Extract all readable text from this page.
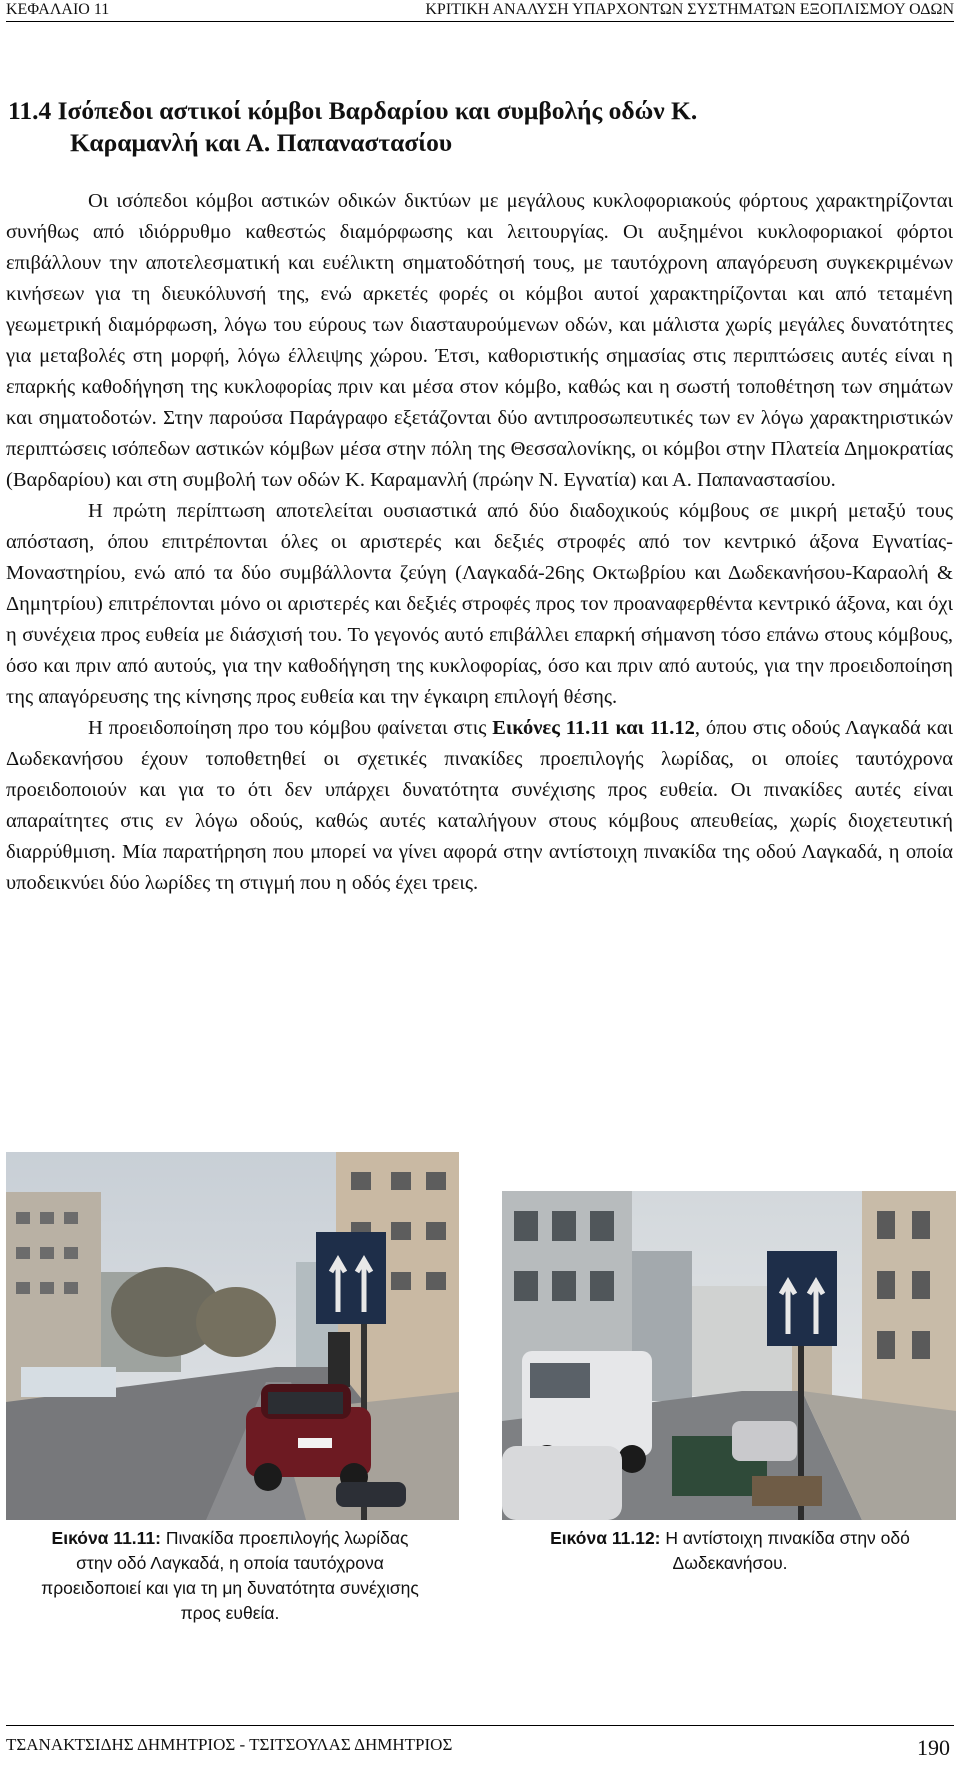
ΚΕΦΑΛΑΙΟ 11	ΚΡΙΤΙΚΗ ΑΝΑΛΥΣΗ ΥΠΑΡΧΟΝΤΩΝ ΣΥΣΤΗΜΑΤΩΝ ΕΞΟΠΛΙΣΜΟΥ ΟΔΩΝ
11.4 Ισόπεδοι αστικοί κόμβοι Βαρδαρίου και συμβολής οδών Κ.
Καραμανλή και Α. Παπαναστασίου

Οι ισόπεδοι κόμβοι αστικών οδικών δικτύων με μεγάλους κυκλοφοριακούς φόρτους χαρακτηρίζονται συνήθως από ιδιόρρυθμο καθεστώς διαμόρφωσης και λειτουργίας. Οι αυξημένοι κυκλοφοριακοί φόρτοι επιβάλλουν την αποτελεσματική και ευέλικτη σηματοδότησή τους, με ταυτόχρονη απαγόρευση συγκεκριμένων κινήσεων για τη διευκόλυνσή της, ενώ αρκετές φορές οι κόμβοι αυτοί χαρακτηρίζονται και από τεταμένη γεωμετρική διαμόρφωση, λόγω του εύρους των διασταυρούμενων οδών, και μάλιστα χωρίς μεγάλες δυνατότητες για μεταβολές στη μορφή, λόγω έλλειψης χώρου. Έτσι, καθοριστικής σημασίας στις περιπτώσεις αυτές είναι η επαρκής καθοδήγηση της κυκλοφορίας πριν και μέσα στον κόμβο, καθώς και η σωστή τοποθέτηση των σημάτων και σηματοδοτών. Στην παρούσα Παράγραφο εξετάζονται δύο αντιπροσωπευτικές των εν λόγω χαρακτηριστικών περιπτώσεις ισόπεδων αστικών κόμβων μέσα στην πόλη της Θεσσαλονίκης, οι κόμβοι στην Πλατεία Δημοκρατίας (Βαρδαρίου) και στη συμβολή των οδών Κ. Καραμανλή (πρώην Ν. Εγνατία) και Α. Παπαναστασίου.

Η πρώτη περίπτωση αποτελείται ουσιαστικά από δύο διαδοχικούς κόμβους σε μικρή μεταξύ τους απόσταση, όπου επιτρέπονται όλες οι αριστερές και δεξιές στροφές από τον κεντρικό άξονα Εγνατίας-Μοναστηρίου, ενώ από τα δύο συμβάλλοντα ζεύγη (Λαγκαδά-26ης Οκτωβρίου και Δωδεκανήσου-Καραολή & Δημητρίου) επιτρέπονται μόνο οι αριστερές και δεξιές στροφές προς τον προαναφερθέντα κεντρικό άξονα, και όχι η συνέχεια προς ευθεία με διάσχισή του. Το γεγονός αυτό επιβάλλει επαρκή σήμανση τόσο επάνω στους κόμβους, όσο και πριν από αυτούς, για την καθοδήγηση της κυκλοφορίας, όσο και πριν από αυτούς, για την προειδοποίηση της απαγόρευσης της κίνησης προς ευθεία και την έγκαιρη επιλογή θέσης.

Η προειδοποίηση προ του κόμβου φαίνεται στις Εικόνες 11.11 και 11.12, όπου στις οδούς Λαγκαδά και Δωδεκανήσου έχουν τοποθετηθεί οι σχετικές πινακίδες προεπιλογής λωρίδας, οι οποίες ταυτόχρονα προειδοποιούν και για το ότι δεν υπάρχει δυνατότητα συνέχισης προς ευθεία. Οι πινακίδες αυτές είναι απαραίτητες στις εν λόγω οδούς, καθώς αυτές καταλήγουν στους κόμβους απευθείας, χωρίς διοχετευτική διαρρύθμιση. Μία παρατήρηση που μπορεί να γίνει αφορά στην αντίστοιχη πινακίδα της οδού Λαγκαδά, η οποία υποδεικνύει δύο λωρίδες τη στιγμή που η οδός έχει τρεις.

Εικόνα 11.11: Πινακίδα προεπιλογής λωρίδας στην οδό Λαγκαδά, η οποία ταυτόχρονα προειδοποιεί και για τη μη δυνατότητα συνέχισης προς ευθεία.
Εικόνα 11.12: Η αντίστοιχη πινακίδα στην οδό Δωδεκανήσου.
ΤΣΑΝΑΚΤΣΙΔΗΣ ΔΗΜΗΤΡΙΟΣ - ΤΣΙΤΣΟΥΛΑΣ ΔΗΜΗΤΡΙΟΣ	190
